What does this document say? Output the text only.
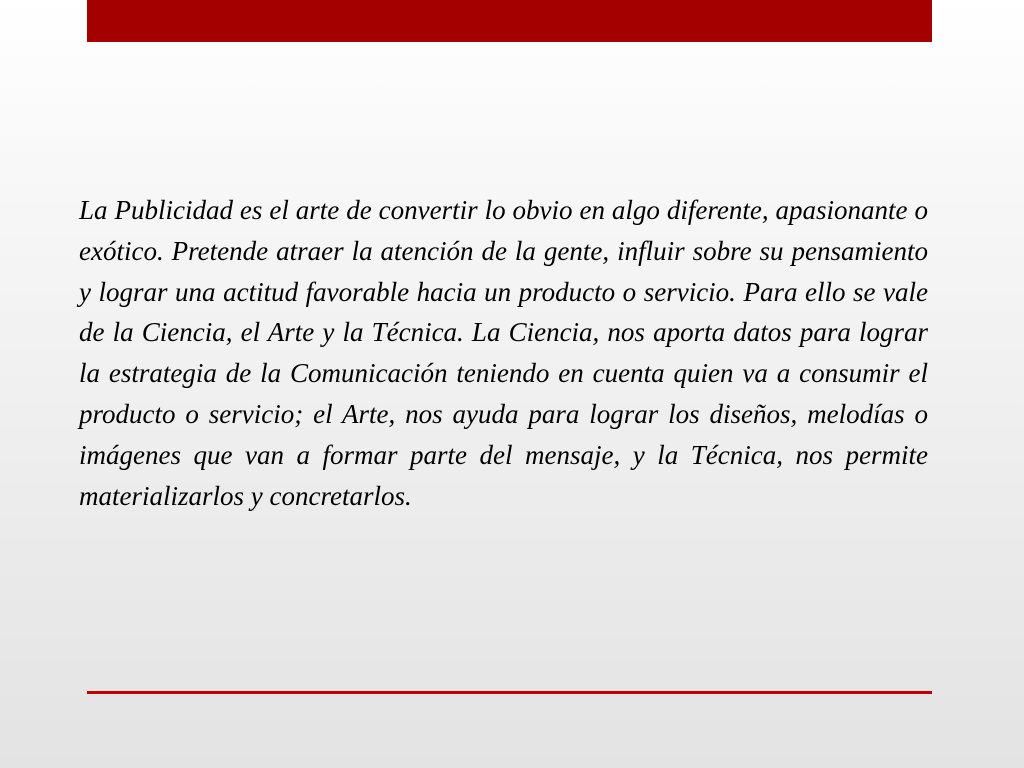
La Publicidad es el arte de convertir lo obvio en algo diferente, apasionante o exótico. Pretende atraer la atención de la gente, influir sobre su pensamiento y lograr una actitud favorable hacia un producto o servicio. Para ello se vale de la Ciencia, el Arte y la Técnica. La Ciencia, nos aporta datos para lograr la estrategia de la Comunicación teniendo en cuenta quien va a consumir el producto o servicio; el Arte, nos ayuda para lograr los diseños, melodías o imágenes que van a formar parte del mensaje, y la Técnica, nos permite materializarlos y concretarlos.
